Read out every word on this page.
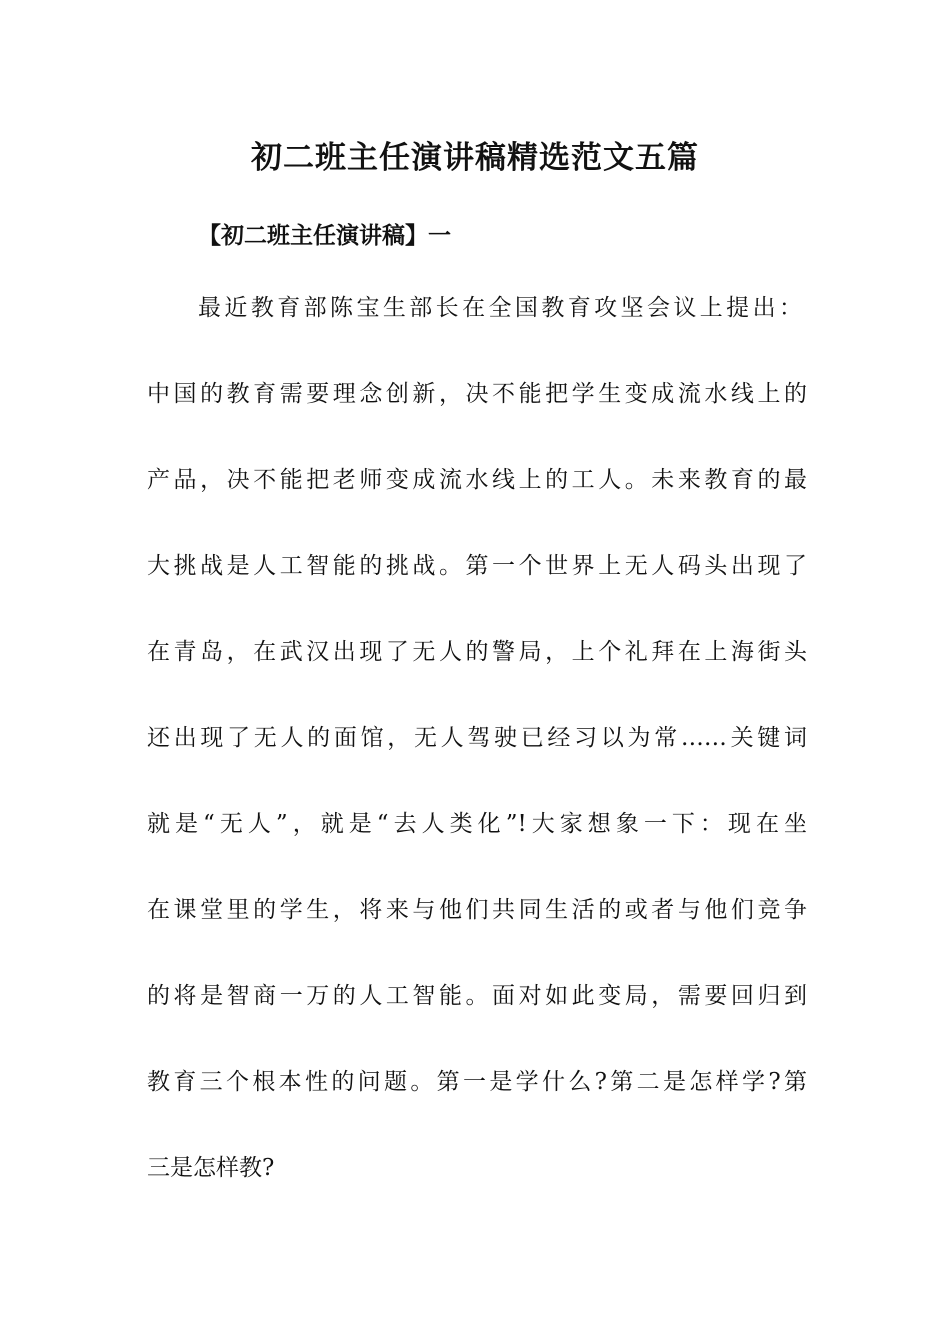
初二班主任演讲稿精选范文五篇
【初二班主任演讲稿】一

最近教育部陈宝生部长在全国教育攻坚会议上提出：

中国的教育需要理念创新，决不能把学生变成流水线上的

产品，决不能把老师变成流水线上的工人。未来教育的最

大挑战是人工智能的挑战。第一个世界上无人码头出现了

在青岛，在武汉出现了无人的警局，上个礼拜在上海街头

还出现了无人的面馆，无人驾驶已经习以为常……关键词

就是“无人”，就是“去人类化”!大家想象一下：现在坐

在课堂里的学生，将来与他们共同生活的或者与他们竞争

的将是智商一万的人工智能。面对如此变局，需要回归到

教育三个根本性的问题。第一是学什么?第二是怎样学?第

三是怎样教?
